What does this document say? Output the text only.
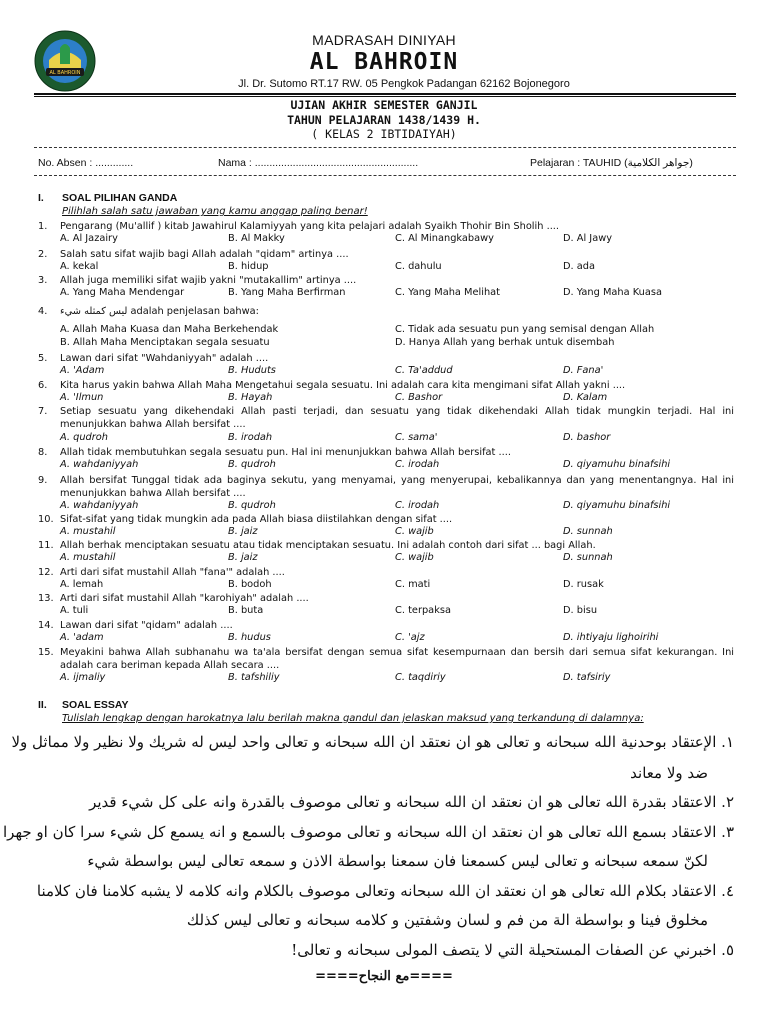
AL BAHROIN
MADRASAH DINIYAH
AL BAHROIN
Jl. Dr. Sutomo RT.17 RW. 05 Pengkok Padangan 62162 Bojonegoro
UJIAN AKHIR SEMESTER GANJIL
TAHUN PELAJARAN 1438/1439 H.
( KELAS 2 IBTIDAIYAH)
No. Absen : .............	Nama : ........................................................	Pelajaran : TAUHID (جواهر الكلامية)
I. SOAL PILIHAN GANDA
Pilihlah salah satu jawaban yang kamu anggap paling benar!
1. Pengarang (Mu'allif ) kitab Jawahirul Kalamiyyah yang kita pelajari adalah Syaikh Thohir Bin Sholih ....
A. Al Jazairy	B. Al Makky	C. Al Minangkabawy	D. Al Jawy
2. Salah satu sifat wajib bagi Allah adalah "qidam" artinya ....
A. kekal	B. hidup	C. dahulu	D. ada
3. Allah juga memiliki sifat wajib yakni "mutakallim" artinya ....
A. Yang Maha Mendengar	B. Yang Maha Berfirman	C. Yang Maha Melihat	D. Yang Maha Kuasa
4. ليس كمثله شيء adalah penjelasan bahwa:
A. Allah Maha Kuasa dan Maha Berkehendak
B. Allah Maha Menciptakan segala sesuatu
C. Tidak ada sesuatu pun yang semisal dengan Allah
D. Hanya Allah yang berhak untuk disembah
5. Lawan dari sifat "Wahdaniyyah" adalah ....
A. 'Adam	B. Huduts	C. Ta'addud	D. Fana'
6. Kita harus yakin bahwa Allah Maha Mengetahui segala sesuatu. Ini adalah cara kita mengimani sifat Allah yakni ....
A. 'Ilmun	B. Hayah	C. Bashor	D. Kalam
7. Setiap sesuatu yang dikehendaki Allah pasti terjadi, dan sesuatu yang tidak dikehendaki Allah tidak mungkin terjadi. Hal ini menunjukkan bahwa Allah bersifat ....
A. qudroh	B. irodah	C. sama'	D. bashor
8. Allah tidak membutuhkan segala sesuatu pun. Hal ini menunjukkan bahwa Allah bersifat ....
A. wahdaniyyah	B. qudroh	C. irodah	D. qiyamuhu binafsihi
9. Allah bersifat Tunggal tidak ada baginya sekutu, yang menyamai, yang menyerupai, kebalikannya dan yang menentangnya. Hal ini menunjukkan bahwa Allah bersifat ....
A. wahdaniyyah	B. qudroh	C. irodah	D. qiyamuhu binafsihi
10. Sifat-sifat yang tidak mungkin ada pada Allah biasa diistilahkan dengan sifat ....
A. mustahil	B. jaiz	C. wajib	D. sunnah
11. Allah berhak menciptakan sesuatu atau tidak menciptakan sesuatu. Ini adalah contoh dari sifat ... bagi Allah.
A. mustahil	B. jaiz	C. wajib	D. sunnah
12. Arti dari sifat mustahil Allah "fana'" adalah ....
A. lemah	B. bodoh	C. mati	D. rusak
13. Arti dari sifat mustahil Allah "karohiyah" adalah ....
A. tuli	B. buta	C. terpaksa	D. bisu
14. Lawan dari sifat "qidam" adalah ....
A. 'adam	B. hudus	C. 'ajz	D. ihtiyaju lighoirihi
15. Meyakini bahwa Allah subhanahu wa ta'ala bersifat dengan semua sifat kesempurnaan dan bersih dari semua sifat kekurangan. Ini adalah cara beriman kepada Allah secara ....
A. ijmaliy	B. tafshiliy	C. taqdiriy	D. tafsiriy
II. SOAL ESSAY
Tulislah lengkap dengan harokatnya lalu berilah makna gandul dan jelaskan maksud yang terkandung di dalamnya:
١. الإعتقاد بوحدنية الله سبحانه و تعالى هو ان نعتقد ان الله سبحانه و تعالى واحد ليس له شريك ولا نظير ولا مماثل ولا
ضد ولا معاند
٢. الاعتقاد بقدرة الله تعالى هو ان نعتقد ان الله سبحانه و تعالى موصوف بالقدرة وانه على كل شيء قدير
٣. الاعتقاد بسمع الله تعالى هو ان نعتقد ان الله سبحانه و تعالى موصوف بالسمع و انه يسمع كل شيء سرا كان او جهرا
لكنّ سمعه سبحانه و تعالى ليس كسمعنا فان سمعنا بواسطة الاذن و سمعه تعالى ليس بواسطة شيء
٤. الاعتقاد بكلام الله تعالى هو ان نعتقد ان الله سبحانه وتعالى موصوف بالكلام وانه كلامه لا يشبه كلامنا فان كلامنا
مخلوق فينا و بواسطة الة من فم و لسان وشفتين و كلامه سبحانه و تعالى ليس كذلك
٥. اخبرني عن الصفات المستحيلة التي لا يتصف المولى سبحانه و تعالى!
====مع النجاح====
